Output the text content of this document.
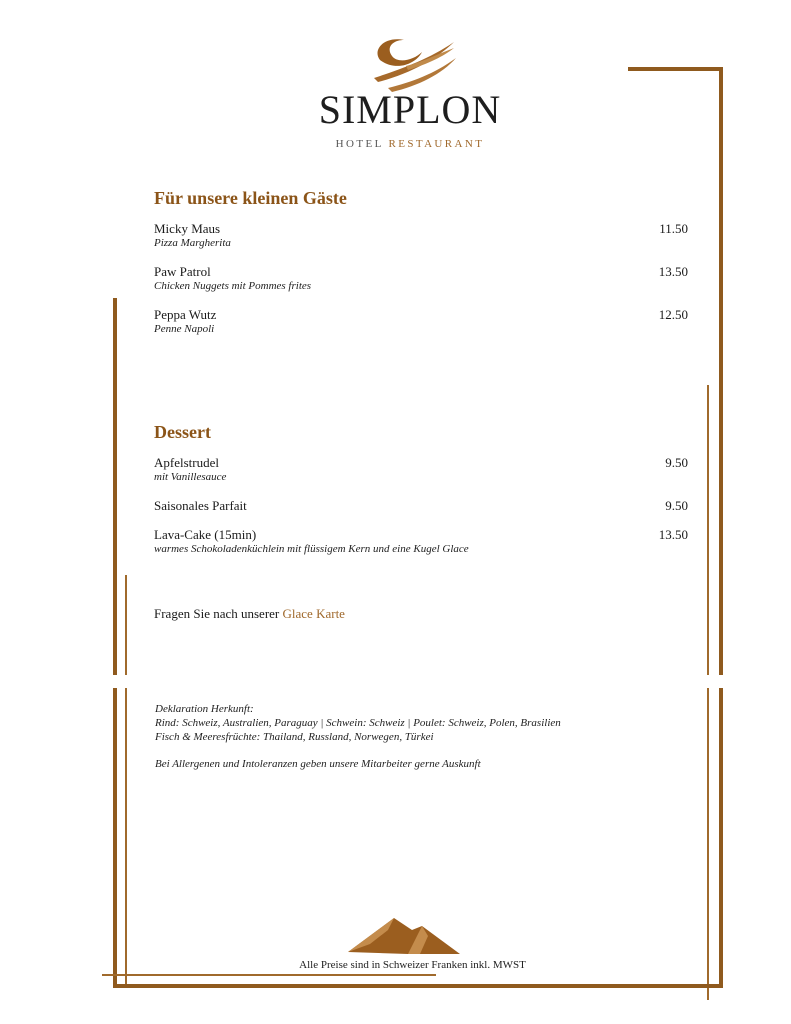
SIMPLON
HOTEL RESTAURANT
Für unsere kleinen Gäste
Micky Maus
Pizza Margherita
11.50
Paw Patrol
Chicken Nuggets mit Pommes frites
13.50
Peppa Wutz
Penne Napoli
12.50
Dessert
Apfelstrudel
mit Vanillesauce
9.50
Saisonales Parfait	9.50
Lava-Cake (15min)
warmes Schokoladenküchlein mit flüssigem Kern und eine Kugel Glace
13.50
Fragen Sie nach unserer Glace Karte
Deklaration Herkunft:
Rind: Schweiz, Australien, Paraguay | Schwein: Schweiz | Poulet: Schweiz, Polen, Brasilien
Fisch & Meeresfrüchte: Thailand, Russland, Norwegen, Türkei
Bei Allergenen und Intoleranzen geben unsere Mitarbeiter gerne Auskunft
Alle Preise sind in Schweizer Franken inkl. MWST
